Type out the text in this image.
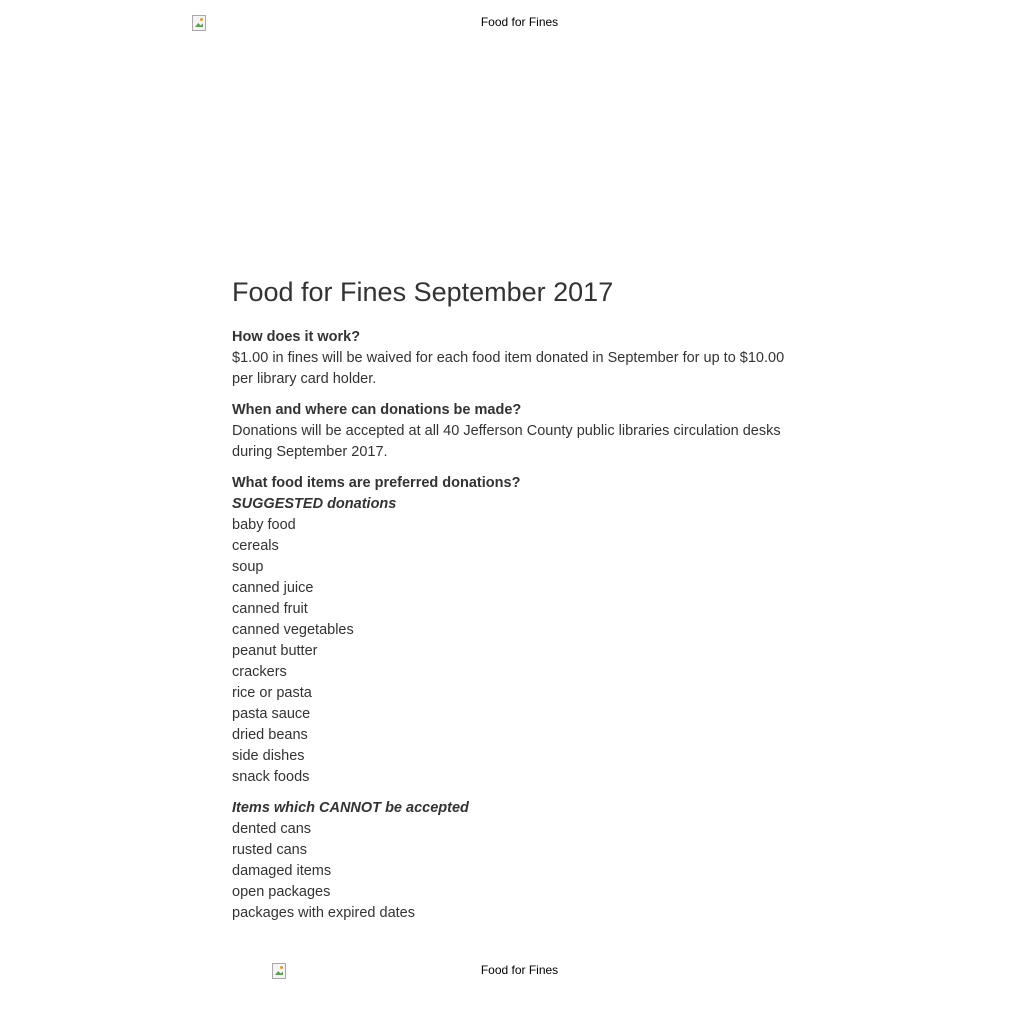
Food for Fines
Food for Fines September 2017
How does it work?
$1.00 in fines will be waived for each food item donated in September for up to $10.00 per library card holder.
When and where can donations be made?
Donations will be accepted at all 40 Jefferson County public libraries circulation desks during September 2017.
What food items are preferred donations?
SUGGESTED donations
baby food
cereals
soup
canned juice
canned fruit
canned vegetables
peanut butter
crackers
rice or pasta
pasta sauce
dried beans
side dishes
snack foods
Items which CANNOT be accepted
dented cans
rusted cans
damaged items
open packages
packages with expired dates
Food for Fines
